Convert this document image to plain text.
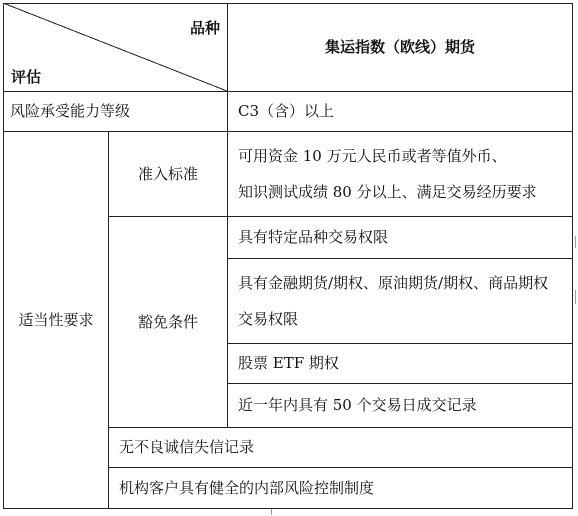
品种
评估
集运指数（欧线）期货
风险承受能力等级	C3（含）以上
适当性要求
准入标准
可用资金 10 万元人民币或者等值外币、
知识测试成绩 80 分以上、满足交易经历要求
豁免条件
具有特定品种交易权限
具有金融期货/期权、原油期货/期权、商品期权
交易权限
股票 ETF 期权
近一年内具有 50 个交易日成交记录
无不良诚信失信记录
机构客户具有健全的内部风险控制制度
